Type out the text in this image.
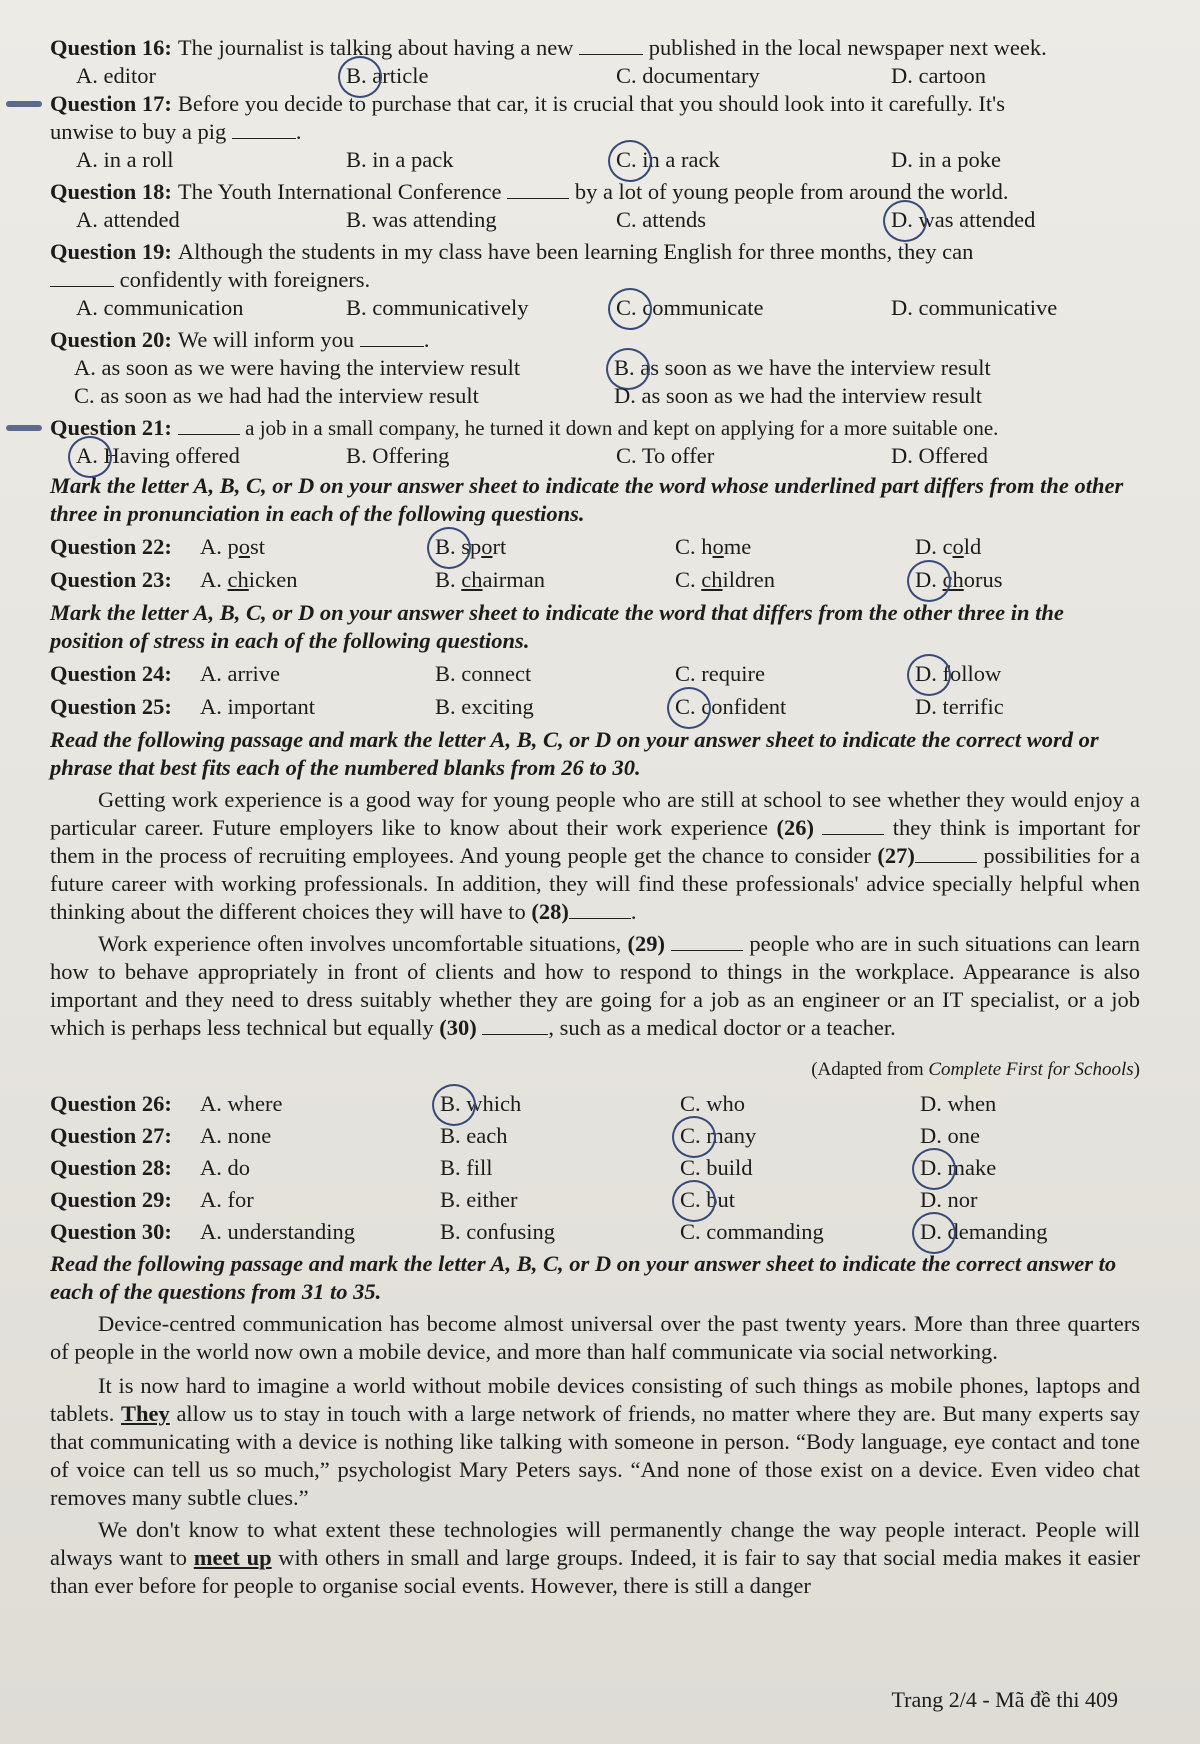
Question 16: The journalist is talking about having a new	published in the local newspaper next week.
A. editor	B. article	C. documentary	D. cartoon
Question 17: Before you decide to purchase that car, it is crucial that you should look into it carefully. It's
unwise to buy a pig	.
A. in a roll	B. in a pack	C. in a rack	D. in a poke
Question 18: The Youth International Conference	by a lot of young people from around the world.
A. attended	B. was attending	C. attends	D. was attended
Question 19: Although the students in my class have been learning English for three months, they can
confidently with foreigners.
A. communication	B. communicatively	C. communicate	D. communicative
Question 20: We will inform you	.
A. as soon as we were having the interview result	B. as soon as we have the interview result
C. as soon as we had had the interview result	D. as soon as we had the interview result
Question 21:	a job in a small company, he turned it down and kept on applying for a more suitable one.
A. Having offered	B. Offering	C. To offer	D. Offered
Mark the letter A, B, C, or D on your answer sheet to indicate the word whose underlined part differs from the other three in pronunciation in each of the following questions.
Question 22:	A. post	B. sport	C. home	D. cold
Question 23:	A. chicken	B. chairman	C. children	D. chorus
Mark the letter A, B, C, or D on your answer sheet to indicate the word that differs from the other three in the position of stress in each of the following questions.
Question 24:	A. arrive	B. connect	C. require	D. follow
Question 25:	A. important	B. exciting	C. confident	D. terrific
Read the following passage and mark the letter A, B, C, or D on your answer sheet to indicate the correct word or phrase that best fits each of the numbered blanks from 26 to 30.

Getting work experience is a good way for young people who are still at school to see whether they would enjoy a particular career. Future employers like to know about their work experience (26)	they think is important for them in the process of recruiting employees. And young people get the chance to consider (27)	possibilities for a future career with working professionals. In addition, they will find these professionals' advice specially helpful when thinking about the different choices they will have to (28)	.

Work experience often involves uncomfortable situations, (29)	people who are in such situations can learn how to behave appropriately in front of clients and how to respond to things in the workplace. Appearance is also important and they need to dress suitably whether they are going for a job as an engineer or an IT specialist, or a job which is perhaps less technical but equally (30)	, such as a medical doctor or a teacher.

(Adapted from Complete First for Schools)
Question 26:	A. where	B. which	C. who	D. when
Question 27:	A. none	B. each	C. many	D. one
Question 28:	A. do	B. fill	C. build	D. make
Question 29:	A. for	B. either	C. but	D. nor
Question 30:	A. understanding	B. confusing	C. commanding	D. demanding
Read the following passage and mark the letter A, B, C, or D on your answer sheet to indicate the correct answer to each of the questions from 31 to 35.

Device-centred communication has become almost universal over the past twenty years. More than three quarters of people in the world now own a mobile device, and more than half communicate via social networking.

It is now hard to imagine a world without mobile devices consisting of such things as mobile phones, laptops and tablets. They allow us to stay in touch with a large network of friends, no matter where they are. But many experts say that communicating with a device is nothing like talking with someone in person. “Body language, eye contact and tone of voice can tell us so much,” psychologist Mary Peters says. “And none of those exist on a device. Even video chat removes many subtle clues.”

We don't know to what extent these technologies will permanently change the way people interact. People will always want to meet up with others in small and large groups. Indeed, it is fair to say that social media makes it easier than ever before for people to organise social events. However, there is still a danger

Trang 2/4 - Mã đề thi 409
